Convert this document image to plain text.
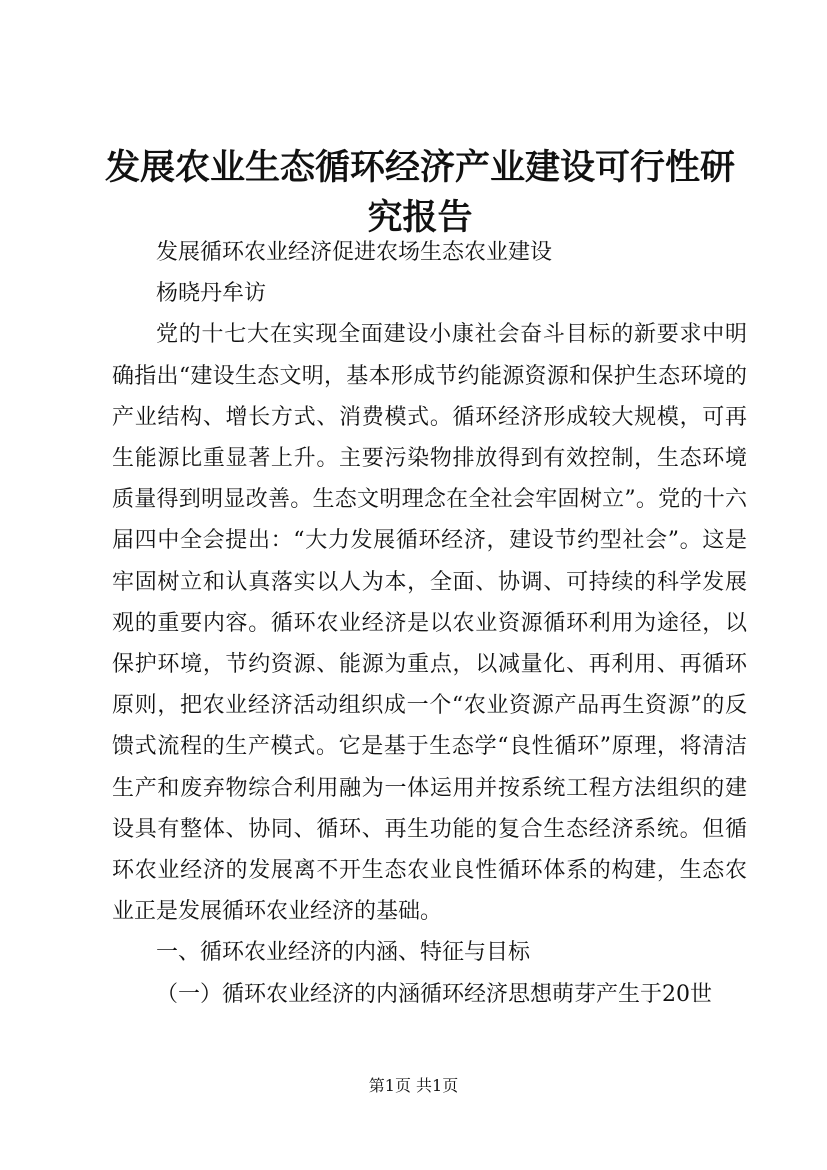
发展农业生态循环经济产业建设可行性研究报告

发展循环农业经济促进农场生态农业建设

杨晓丹牟访

党的十七大在实现全面建设小康社会奋斗目标的新要求中明确指出“建设生态文明，基本形成节约能源资源和保护生态环境的产业结构、增长方式、消费模式。循环经济形成较大规模，可再生能源比重显著上升。主要污染物排放得到有效控制，生态环境质量得到明显改善。生态文明理念在全社会牢固树立”。党的十六届四中全会提出：“大力发展循环经济，建设节约型社会”。这是牢固树立和认真落实以人为本，全面、协调、可持续的科学发展观的重要内容。循环农业经济是以农业资源循环利用为途径，以保护环境，节约资源、能源为重点，以减量化、再利用、再循环原则，把农业经济活动组织成一个“农业资源产品再生资源”的反馈式流程的生产模式。它是基于生态学“良性循环”原理，将清洁生产和废弃物综合利用融为一体运用并按系统工程方法组织的建设具有整体、协同、循环、再生功能的复合生态经济系统。但循环农业经济的发展离不开生态农业良性循环体系的构建，生态农业正是发展循环农业经济的基础。

一、循环农业经济的内涵、特征与目标

（一）循环农业经济的内涵循环经济思想萌芽产生于20世

第1页 共1页
